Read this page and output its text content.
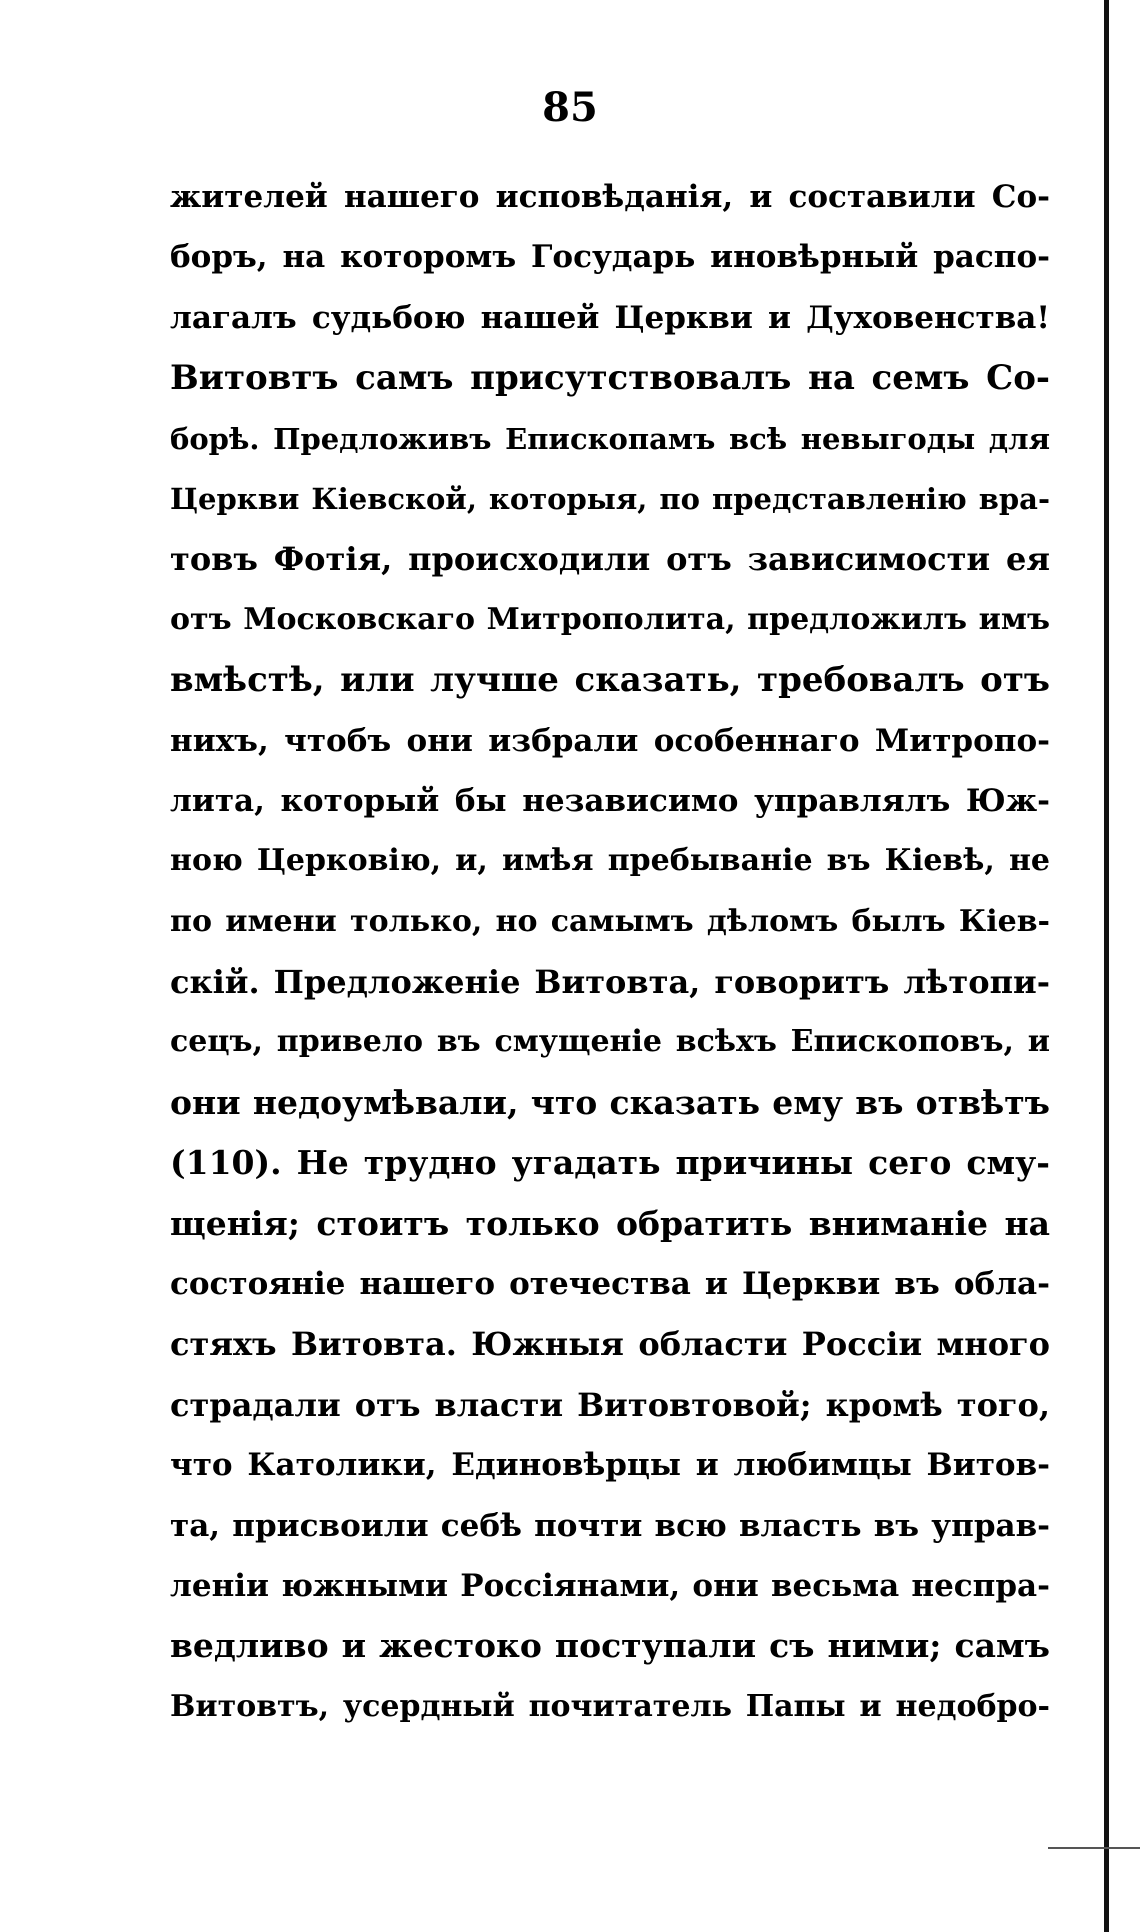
85
жителей нашего исповѣданія, и составили Со-
боръ, на которомъ Государь иновѣрный распо-
лагалъ судьбою нашей Церкви и Духовенства!
Витовтъ самъ присутствовалъ на семъ Со-
борѣ. Предложивъ Епископамъ всѣ невыгоды для
Церкви Кіевской, которыя, по представленію вра-
товъ Фотія, происходили отъ зависимости ея
отъ Московскаго Митрополита, предложилъ имъ
вмѣстѣ, или лучше сказать, требовалъ отъ
нихъ, чтобъ они избрали особеннаго Митропо-
лита, который бы независимо управлялъ Юж-
ною Церковію, и, имѣя пребываніе въ Кіевѣ, не
по имени только, но самымъ дѣломъ былъ Кіев-
скій. Предложеніе Витовта, говоритъ лѣтопи-
сецъ, привело въ смущеніе всѣхъ Епископовъ, и
они недоумѣвали, что сказать ему въ отвѣтъ
(110). Не трудно угадать причины сего сму-
щенія; стоитъ только обратить вниманіе на
состояніе нашего отечества и Церкви въ обла-
стяхъ Витовта. Южныя области Россіи много
страдали отъ власти Витовтовой; кромѣ того,
что Католики, Единовѣрцы и любимцы Витов-
та, присвоили себѣ почти всю власть въ управ-
леніи южными Россіянами, они весьма неспра-
ведливо и жестоко поступали съ ними; самъ
Витовтъ, усердный почитатель Папы и недобро-
